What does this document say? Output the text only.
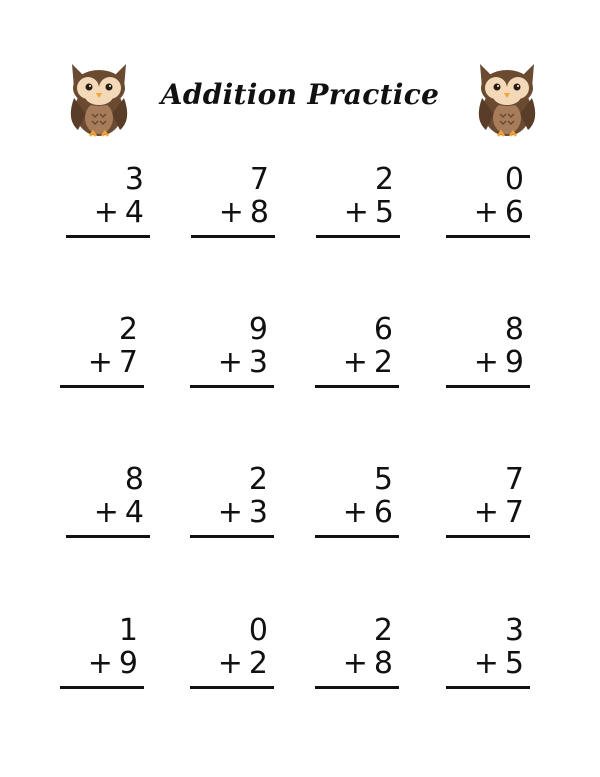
Addition Practice
3
+ 4
7
+ 8
2
+ 5
0
+ 6
2
+ 7
9
+ 3
6
+ 2
8
+ 9
8
+ 4
2
+ 3
5
+ 6
7
+ 7
1
+ 9
0
+ 2
2
+ 8
3
+ 5
